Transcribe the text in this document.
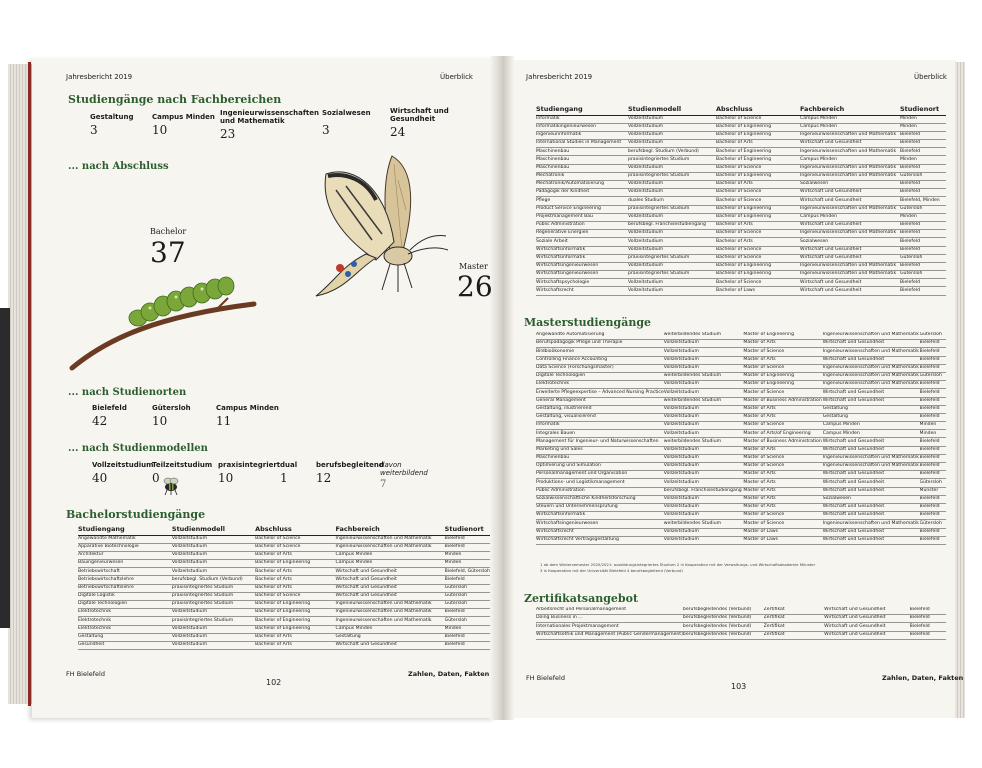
Jahresbericht 2019	Überblick
Studiengänge nach Fachbereichen
Gestaltung
3
Campus Minden
10
Ingenieurwissenschaften und Mathematik
23
Sozialwesen
3
Wirtschaft und Gesundheit
24
... nach Abschluss
Bachelor
37	Master
26
... nach Studienorten
Bielefeld
42
Gütersloh
10
Campus Minden
11
... nach Studienmodellen
Vollzeitstudium
40
Teilzeitstudium
0
praxisintegriert
10
dual
1
berufsbegleitend
12
davon weiterbildend
7
Bachelorstudiengänge
Studiengang	Studienmodell	Abschluss	Fachbereich	Studienort
Angewandte Mathematik	Vollzeitstudium	Bachelor of Science	Ingenieurwissenschaften und Mathematik	Bielefeld
Apparative Biotechnologie	Vollzeitstudium	Bachelor of Science	Ingenieurwissenschaften und Mathematik	Bielefeld
Architektur	Vollzeitstudium	Bachelor of Arts	Campus Minden	Minden
Bauingenieurwesen	Vollzeitstudium	Bachelor of Engineering	Campus Minden	Minden
Betriebswirtschaft	Vollzeitstudium	Bachelor of Arts	Wirtschaft und Gesundheit	Bielefeld, Gütersloh
Betriebswirtschaftslehre	berufsbegl. Studium (Verbund)	Bachelor of Arts	Wirtschaft und Gesundheit	Bielefeld
Betriebswirtschaftslehre	praxisintegriertes Studium	Bachelor of Arts	Wirtschaft und Gesundheit	Gütersloh
Digitale Logistik	praxisintegriertes Studium	Bachelor of Science	Wirtschaft und Gesundheit	Gütersloh
Digitale Technologien	praxisintegriertes Studium	Bachelor of Engineering	Ingenieurwissenschaften und Mathematik	Gütersloh
Elektrotechnik	Vollzeitstudium	Bachelor of Engineering	Ingenieurwissenschaften und Mathematik	Bielefeld
Elektrotechnik	praxisintegriertes Studium	Bachelor of Engineering	Ingenieurwissenschaften und Mathematik	Gütersloh
Elektrotechnik	Vollzeitstudium	Bachelor of Engineering	Campus Minden	Minden
Gestaltung	Vollzeitstudium	Bachelor of Arts	Gestaltung	Bielefeld
Gesundheit	Vollzeitstudium	Bachelor of Arts	Wirtschaft und Gesundheit	Bielefeld
FH Bielefeld
102
Zahlen, Daten, Fakten
Jahresbericht 2019	Überblick
Studiengang	Studienmodell	Abschluss	Fachbereich	Studienort
Informatik	Vollzeitstudium	Bachelor of Science	Campus Minden	Minden
Informatikingenieurwesen	Vollzeitstudium	Bachelor of Engineering	Campus Minden	Minden
Ingenieurinformatik	Vollzeitstudium	Bachelor of Engineering	Ingenieurwissenschaften und Mathematik	Bielefeld
International Studies in Management	Vollzeitstudium	Bachelor of Arts	Wirtschaft und Gesundheit	Bielefeld
Maschinenbau	berufsbegl. Studium (Verbund)	Bachelor of Engineering	Ingenieurwissenschaften und Mathematik	Bielefeld
Maschinenbau	praxisintegriertes Studium	Bachelor of Engineering	Campus Minden	Minden
Maschinenbau	Vollzeitstudium	Bachelor of Science	Ingenieurwissenschaften und Mathematik	Bielefeld
Mechatronik	praxisintegriertes Studium	Bachelor of Engineering	Ingenieurwissenschaften und Mathematik	Gütersloh
Mechatronik/Automatisierung	Vollzeitstudium	Bachelor of Arts	Sozialwesen	Bielefeld
Pädagogik der Kindheit	Vollzeitstudium	Bachelor of Science	Wirtschaft und Gesundheit	Bielefeld
Pflege	duales Studium	Bachelor of Science	Wirtschaft und Gesundheit	Bielefeld, Minden
Product Service Engineering	praxisintegriertes Studium	Bachelor of Engineering	Ingenieurwissenschaften und Mathematik	Gütersloh
Projektmanagement Bau	Vollzeitstudium	Bachelor of Engineering	Campus Minden	Minden
Public Administration	berufsbegl. Franchisestudiengang	Bachelor of Arts	Wirtschaft und Gesundheit	Bielefeld
Regenerative Energien	Vollzeitstudium	Bachelor of Science	Ingenieurwissenschaften und Mathematik	Bielefeld
Soziale Arbeit	Vollzeitstudium	Bachelor of Arts	Sozialwesen	Bielefeld
Wirtschaftsinformatik	Vollzeitstudium	Bachelor of Science	Wirtschaft und Gesundheit	Bielefeld
Wirtschaftsinformatik	praxisintegriertes Studium	Bachelor of Science	Wirtschaft und Gesundheit	Gütersloh
Wirtschaftsingenieurwesen	Vollzeitstudium	Bachelor of Engineering	Ingenieurwissenschaften und Mathematik	Bielefeld
Wirtschaftsingenieurwesen	praxisintegriertes Studium	Bachelor of Engineering	Ingenieurwissenschaften und Mathematik	Gütersloh
Wirtschaftspsychologie	Vollzeitstudium	Bachelor of Science	Wirtschaft und Gesundheit	Bielefeld
Wirtschaftsrecht	Vollzeitstudium	Bachelor of Laws	Wirtschaft und Gesundheit	Bielefeld
Masterstudiengänge
Angewandte Automatisierung	weiterbildendes Studium	Master of Engineering	Ingenieurwissenschaften und Mathematik	Gütersloh
Berufspädagogik Pflege und Therapie	Vollzeitstudium	Master of Arts	Wirtschaft und Gesundheit	Bielefeld
Bildbioökonomie	Vollzeitstudium	Master of Science	Ingenieurwissenschaften und Mathematik	Bielefeld
Controlling Finance Accounting	Vollzeitstudium	Master of Arts	Wirtschaft und Gesundheit	Bielefeld
Data Science (Forschungsmaster)	Vollzeitstudium	Master of Science	Ingenieurwissenschaften und Mathematik	Bielefeld
Digitale Technologien	weiterbildendes Studium	Master of Engineering	Ingenieurwissenschaften und Mathematik	Gütersloh
Elektrotechnik	Vollzeitstudium	Master of Engineering	Ingenieurwissenschaften und Mathematik	Bielefeld
Erweiterte Pflegeexpertise – Advanced Nursing Practice	Vollzeitstudium	Master of Science	Wirtschaft und Gesundheit	Bielefeld
General Management	weiterbildendes Studium	Master of Business Administration	Wirtschaft und Gesundheit	Bielefeld
Gestaltung, illustrierend	Vollzeitstudium	Master of Arts	Gestaltung	Bielefeld
Gestaltung, visualisierend	Vollzeitstudium	Master of Arts	Gestaltung	Bielefeld
Informatik	Vollzeitstudium	Master of Science	Campus Minden	Minden
Integrales Bauen	Vollzeitstudium	Master of Arts/of Engineering	Campus Minden	Minden
Management für Ingenieur- und Naturwissenschaften	weiterbildendes Studium	Master of Business Administration	Wirtschaft und Gesundheit	Bielefeld
Marketing und Sales	Vollzeitstudium	Master of Arts	Wirtschaft und Gesundheit	Bielefeld
Maschinenbau	Vollzeitstudium	Master of Science	Ingenieurwissenschaften und Mathematik	Bielefeld
Optimierung und Simulation	Vollzeitstudium	Master of Science	Ingenieurwissenschaften und Mathematik	Bielefeld
Personalmanagement und Organisation	Vollzeitstudium	Master of Arts	Wirtschaft und Gesundheit	Bielefeld
Produktions- und Logistikmanagement	Vollzeitstudium	Master of Arts	Wirtschaft und Gesundheit	Gütersloh
Public Administration	berufsbegl. Franchisestudiengang	Master of Arts	Wirtschaft und Gesundheit	Münster
Sozialwissenschaftliche Kindheitsforschung	Vollzeitstudium	Master of Arts	Sozialwesen	Bielefeld
Steuern und Unternehmensprüfung	Vollzeitstudium	Master of Arts	Wirtschaft und Gesundheit	Bielefeld
Wirtschaftsinformatik	Vollzeitstudium	Master of Science	Wirtschaft und Gesundheit	Bielefeld
Wirtschaftsingenieurwesen	weiterbildendes Studium	Master of Science	Ingenieurwissenschaften und Mathematik	Gütersloh
Wirtschaftsrecht	Vollzeitstudium	Master of Laws	Wirtschaft und Gesundheit	Bielefeld
Wirtschaftsrecht Vertragsgestaltung	Vollzeitstudium	Master of Laws	Wirtschaft und Gesundheit	Bielefeld
1 ab dem Wintersemester 2020/2021: ausbildungsintegriertes Studium 2 in Kooperation mit der Verwaltungs- und Wirtschaftsakademie Münster
3 in Kooperation mit der Universität Bielefeld 4 berufsbegleitend (Verbund)
Zertifikatsangebot
Arbeitsrecht und Personalmanagement	berufsbegleitendes (Verbund)	Zertifikat	Wirtschaft und Gesundheit	Bielefeld
Doing Business in ...	berufsbegleitendes (Verbund)	Zertifikat	Wirtschaft und Gesundheit	Bielefeld
Internationales Projektmanagement	berufsbegleitendes (Verbund)	Zertifikat	Wirtschaft und Gesundheit	Bielefeld
Wirtschaftsethik und Management (Public Gendermanagement)	berufsbegleitendes (Verbund)	Zertifikat	Wirtschaft und Gesundheit	Bielefeld
FH Bielefeld
103
Zahlen, Daten, Fakten
